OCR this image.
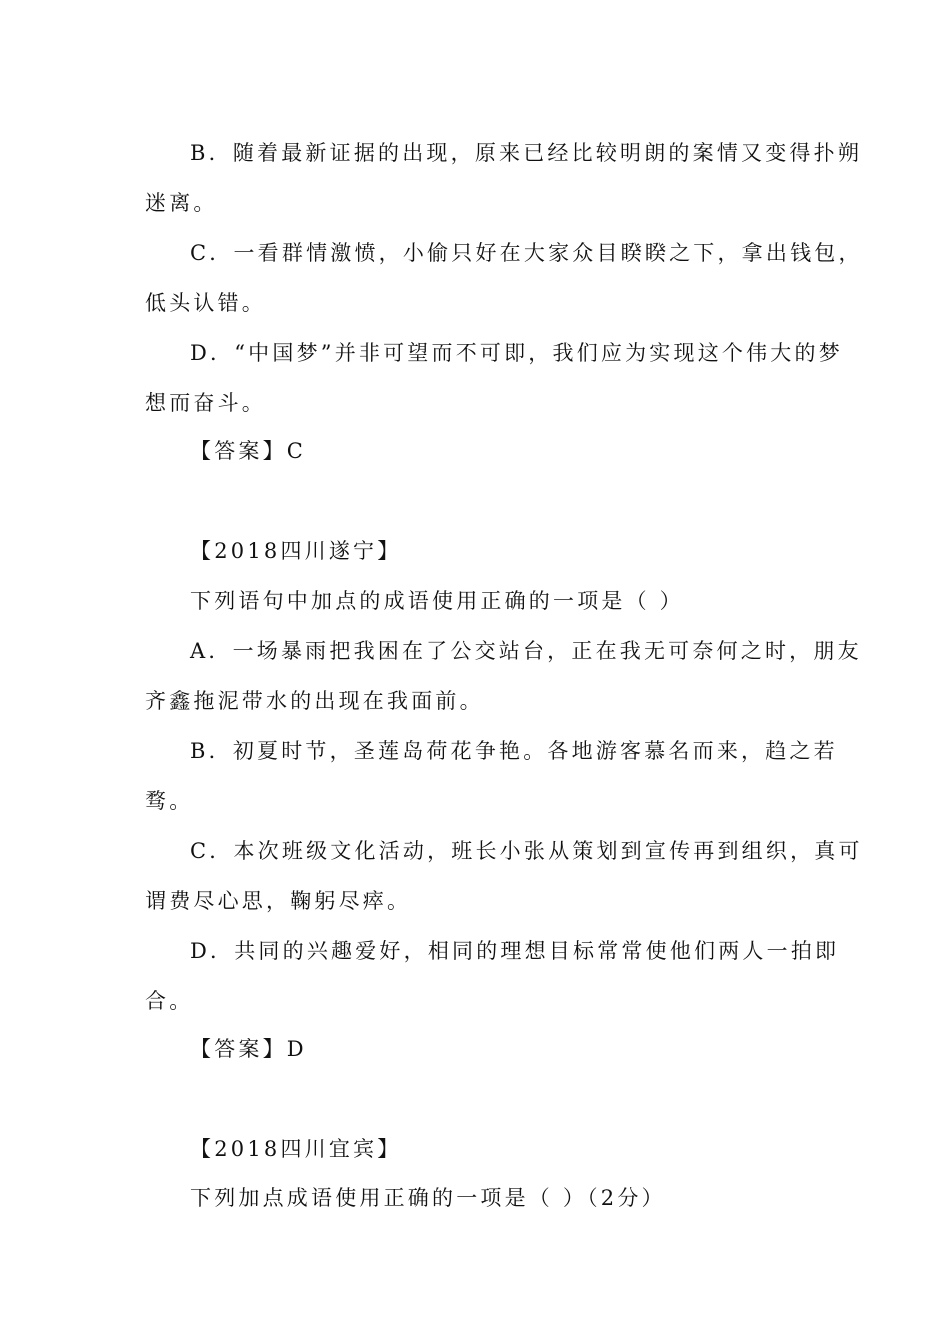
B．随着最新证据的出现，原来已经比较明朗的案情又变得扑朔
迷离。
C．一看群情激愤，小偷只好在大家众目睽睽之下，拿出钱包，
低头认错。
D．“中国梦”并非可望而不可即，我们应为实现这个伟大的梦
想而奋斗。
【答案】C
【2018四川遂宁】
下列语句中加点的成语使用正确的一项是（ ）
A．一场暴雨把我困在了公交站台，正在我无可奈何之时，朋友
齐鑫拖泥带水的出现在我面前。
B．初夏时节，圣莲岛荷花争艳。各地游客慕名而来，趋之若
骛。
C．本次班级文化活动，班长小张从策划到宣传再到组织，真可
谓费尽心思，鞠躬尽瘁。
D．共同的兴趣爱好，相同的理想目标常常使他们两人一拍即
合。
【答案】D
【2018四川宜宾】
下列加点成语使用正确的一项是（ ）（2分）
